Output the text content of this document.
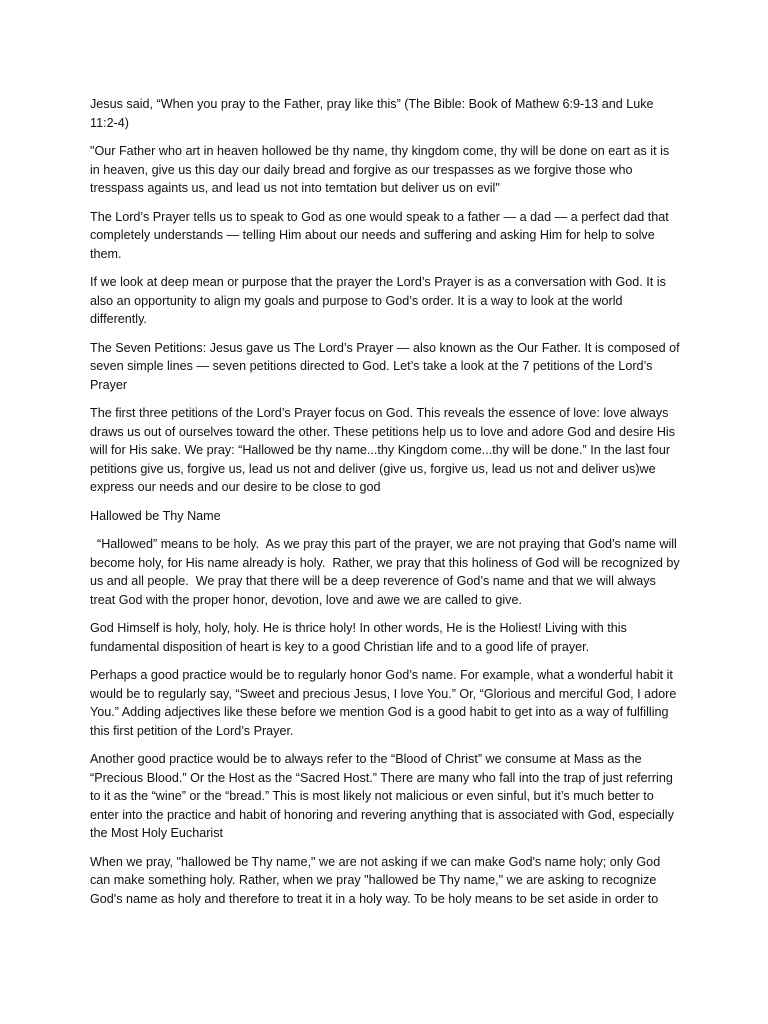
Jesus said, “When you pray to the Father, pray like this” (The Bible: Book of Mathew 6:9-13 and Luke 11:2-4)

"Our Father who art in heaven hollowed be thy name, thy kingdom come, thy will be done on eart as it is in heaven, give us this day our daily bread and forgive as our trespasses as we forgive those who tresspass againts us, and lead us not into temtation but deliver us on evil"

The Lord’s Prayer tells us to speak to God as one would speak to a father — a dad — a perfect dad that completely understands — telling Him about our needs and suffering and asking Him for help to solve them.

If we look at deep mean or purpose that the prayer the Lord’s Prayer is as a conversation with God. It is also an opportunity to align my goals and purpose to God’s order. It is a way to look at the world differently.

The Seven Petitions: Jesus gave us The Lord’s Prayer — also known as the Our Father. It is composed of seven simple lines — seven petitions directed to God. Let’s take a look at the 7 petitions of the Lord’s Prayer

The first three petitions of the Lord’s Prayer focus on God. This reveals the essence of love: love always draws us out of ourselves toward the other. These petitions help us to love and adore God and desire His will for His sake. We pray: “Hallowed be thy name...thy Kingdom come...thy will be done.” In the last four petitions give us, forgive us, lead us not and deliver (give us, forgive us, lead us not and deliver us)we express our needs and our desire to be close to god

Hallowed be Thy Name

“Hallowed” means to be holy.  As we pray this part of the prayer, we are not praying that God’s name will become holy, for His name already is holy.  Rather, we pray that this holiness of God will be recognized by us and all people.  We pray that there will be a deep reverence of God’s name and that we will always treat God with the proper honor, devotion, love and awe we are called to give.

God Himself is holy, holy, holy. He is thrice holy! In other words, He is the Holiest! Living with this fundamental disposition of heart is key to a good Christian life and to a good life of prayer.

Perhaps a good practice would be to regularly honor God’s name. For example, what a wonderful habit it would be to regularly say, “Sweet and precious Jesus, I love You.” Or, “Glorious and merciful God, I adore You.” Adding adjectives like these before we mention God is a good habit to get into as a way of fulfilling this first petition of the Lord’s Prayer.

Another good practice would be to always refer to the “Blood of Christ” we consume at Mass as the “Precious Blood.” Or the Host as the “Sacred Host.” There are many who fall into the trap of just referring to it as the “wine” or the “bread.” This is most likely not malicious or even sinful, but it’s much better to enter into the practice and habit of honoring and revering anything that is associated with God, especially the Most Holy Eucharist

When we pray, "hallowed be Thy name," we are not asking if we can make God's name holy; only God can make something holy. Rather, when we pray "hallowed be Thy name," we are asking to recognize God's name as holy and therefore to treat it in a holy way. To be holy means to be set aside in order to
